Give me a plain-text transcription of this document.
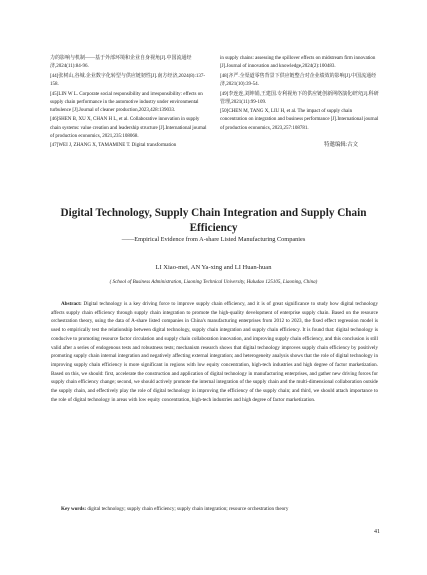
力的影响与机制——基于外部环境和企业自身视角[J].中国流通经济,2024(11):84-96.

[44]张树山,谷城.企业数字化转型与供应链韧性[J].南方经济,2024(8):137-158.

[45]LIN W L. Corporate social responsibility and irresponsibility: effects on supply chain performance in the automotive industry under environmental turbulence [J].Journal of cleaner production,2023,428:139033.

[46]SHEN B, XU X, CHAN H L, et al. Collaborative innovation in supply chain systems: value creation and leadership structure [J].International journal of production economics, 2021,235:108068.

[47]WEI J, ZHANG X, TAMAMINE T. Digital transformation

in supply chains: assessing the spillover effects on midstream firm innovation [J].Journal of innovation and knowledge,2024(2):100483.

[48]齐严.全渠道零售背景下供应链整合对企业绩效的影响[J].中国流通经济,2021(10):39-54.

[49]李连连,刘坤娟,王建国.专利视角下的供应链创新网络演化研究[J].科研管理,2021(11):99-109.

[50]CHEN M, TANG X, LIU H, et al. The impact of supply chain concentration on integration and business performance [J].International journal of production economics, 2023,257:108781.

特邀编辑:古文

Digital Technology, Supply Chain Integration and Supply Chain Efficiency

——Empirical Evidence from A-share Listed Manufacturing Companies

LI Xiao-mei, AN Ya-xing and LI Huan-huan

( School of Business Administration, Liaoning Technical University, Huludao 125105, Liaoning, China)

Abstract: Digital technology is a key driving force to improve supply chain efficiency, and it is of great significance to study how digital technology affects supply chain efficiency through supply chain integration to promote the high-quality development of enterprise supply chain. Based on the resource orchestration theory, using the data of A-share listed companies in China's manufacturing enterprises from 2012 to 2023, the fixed effect regression model is used to empirically test the relationship between digital technology, supply chain integration and supply chain efficiency. It is found that: digital technology is conducive to promoting resource factor circulation and supply chain collaboration innovation, and improving supply chain efficiency, and this conclusion is still valid after a series of endogenous tests and robustness tests; mechanism research shows that digital technology improves supply chain efficiency by positively promoting supply chain internal integration and negatively affecting external integration; and heterogeneity analysis shows that the role of digital technology in improving supply chain efficiency is more significant in regions with low equity concentration, high-tech industries and high degree of factor marketization. Based on this, we should: first, accelerate the construction and application of digital technology in manufacturing enterprises, and gather new driving forces for supply chain efficiency change; second, we should actively promote the internal integration of the supply chain and the multi-dimensional collaboration outside the supply chain, and effectively play the role of digital technology in improving the efficiency of the supply chain; and third, we should attach importance to the role of digital technology in areas with low equity concentration, high-tech industries and high degree of factor marketization.

Key words: digital technology; supply chain efficiency; supply chain integration; resource orchestration theory

41
